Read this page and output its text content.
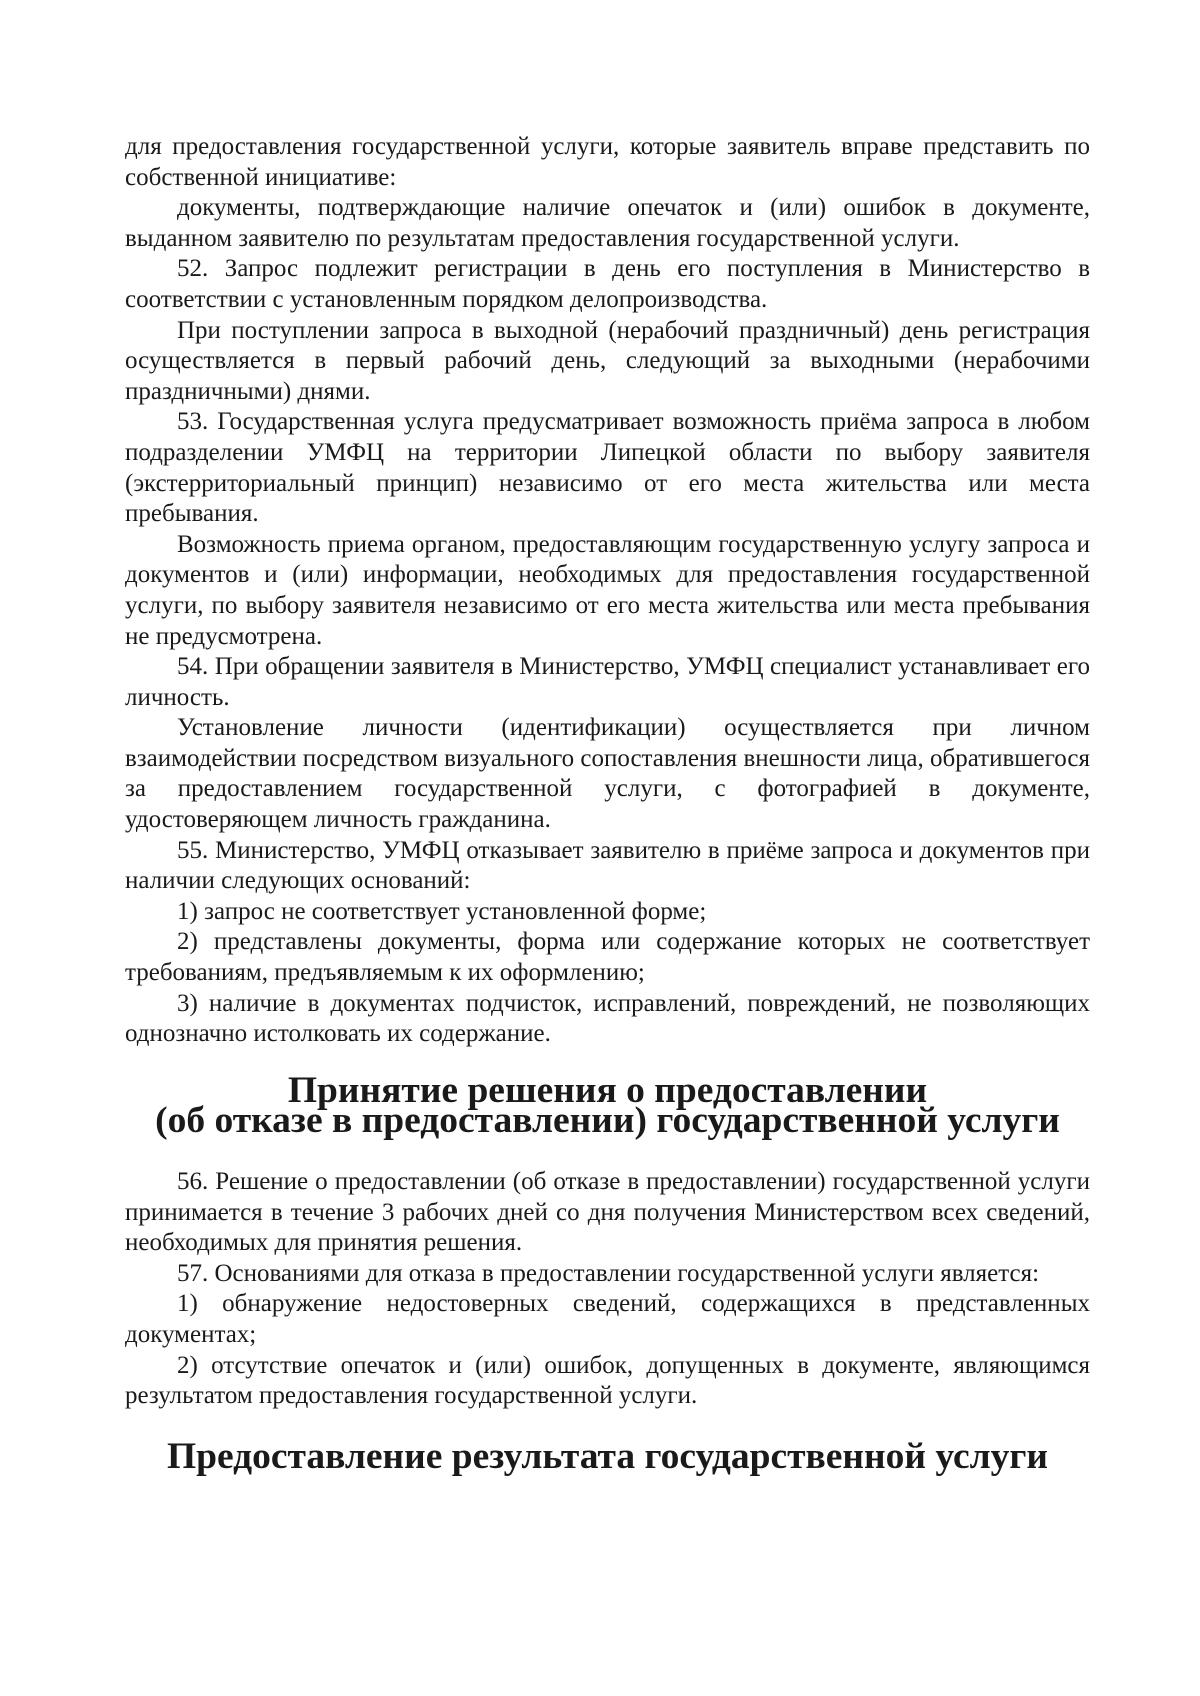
для предоставления государственной услуги, которые заявитель вправе представить по собственной инициативе:

документы, подтверждающие наличие опечаток и (или) ошибок в документе, выданном заявителю по результатам предоставления государственной услуги.

52. Запрос подлежит регистрации в день его поступления в Министерство в соответствии с установленным порядком делопроизводства.

При поступлении запроса в выходной (нерабочий праздничный) день регистрация осуществляется в первый рабочий день, следующий за выходными (нерабочими праздничными) днями.

53. Государственная услуга предусматривает возможность приёма запроса в любом подразделении УМФЦ на территории Липецкой области по выбору заявителя (экстерриториальный принцип) независимо от его места жительства или места пребывания.

Возможность приема органом, предоставляющим государственную услугу запроса и документов и (или) информации, необходимых для предоставления государственной услуги, по выбору заявителя независимо от его места жительства или места пребывания не предусмотрена.

54. При обращении заявителя в Министерство, УМФЦ специалист устанавливает его личность.

Установление личности (идентификации) осуществляется при личном взаимодействии посредством визуального сопоставления внешности лица, обратившегося за предоставлением государственной услуги, с фотографией в документе, удостоверяющем личность гражданина.

55. Министерство, УМФЦ отказывает заявителю в приёме запроса и документов при наличии следующих оснований:

1) запрос не соответствует установленной форме;

2) представлены документы, форма или содержание которых не соответствует требованиям, предъявляемым к их оформлению;

3) наличие в документах подчисток, исправлений, повреждений, не позволяющих однозначно истолковать их содержание.

Принятие решения о предоставлении
(об отказе в предоставлении) государственной услуги

56. Решение о предоставлении (об отказе в предоставлении) государственной услуги принимается в течение 3 рабочих дней со дня получения Министерством всех сведений, необходимых для принятия решения.

57. Основаниями для отказа в предоставлении государственной услуги является:

1) обнаружение недостоверных сведений, содержащихся в представленных документах;

2) отсутствие опечаток и (или) ошибок, допущенных в документе, являющимся результатом предоставления государственной услуги.

Предоставление результата государственной услуги
